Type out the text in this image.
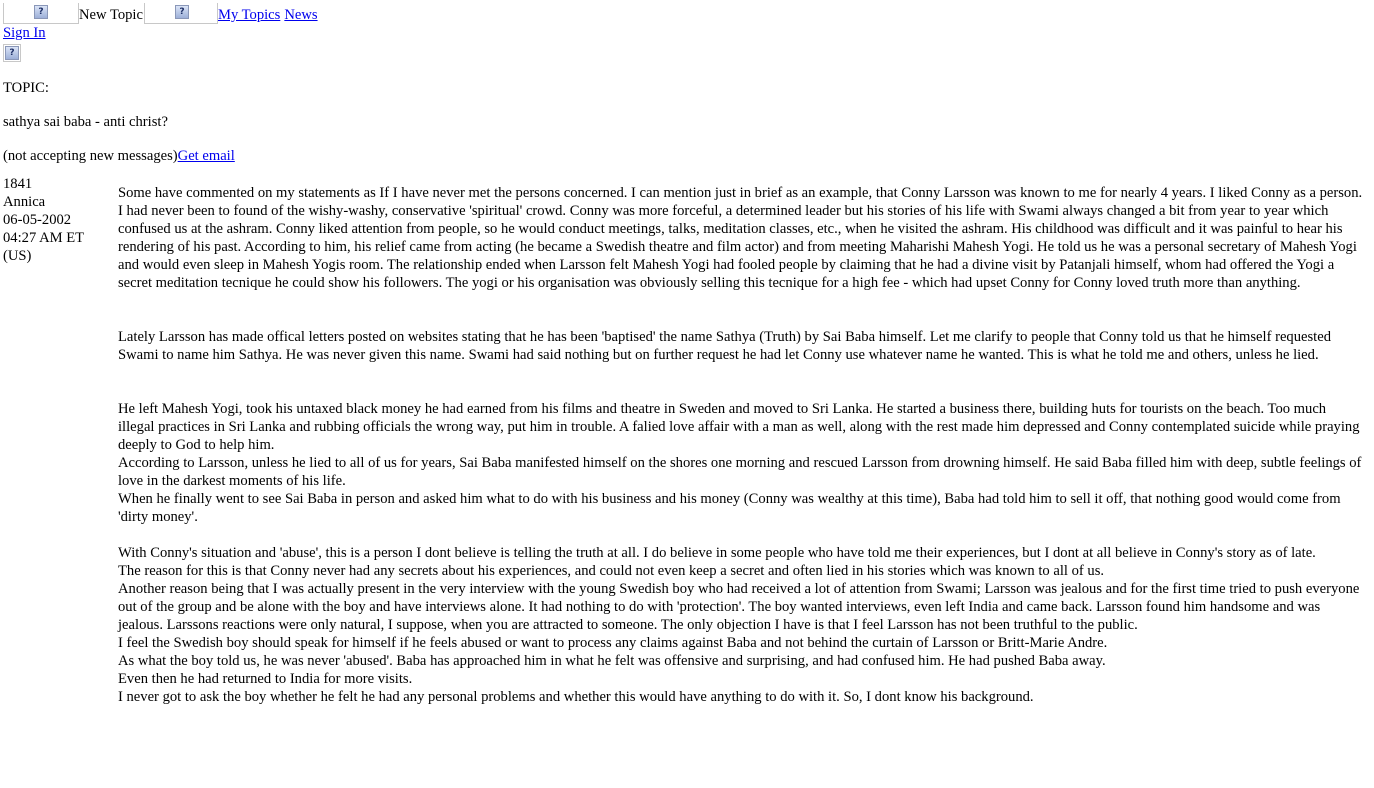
?	New Topic	?	My Topics News
Sign In
?
TOPIC:
sathya sai baba - anti christ?
(not accepting new messages)Get email
1841
Annica
06-05-2002
04:27 AM ET
(US)

Some have commented on my statements as If I have never met the persons concerned. I can mention just in brief as an example, that Conny Larsson was known to me for nearly 4 years. I liked Conny as a person. I had never been to found of the wishy-washy, conservative 'spiritual' crowd. Conny was more forceful, a determined leader but his stories of his life with Swami always changed a bit from year to year which confused us at the ashram. Conny liked attention from people, so he would conduct meetings, talks, meditation classes, etc., when he visited the ashram. His childhood was difficult and it was painful to hear his rendering of his past. According to him, his relief came from acting (he became a Swedish theatre and film actor) and from meeting Maharishi Mahesh Yogi. He told us he was a personal secretary of Mahesh Yogi and would even sleep in Mahesh Yogis room. The relationship ended when Larsson felt Mahesh Yogi had fooled people by claiming that he had a divine visit by Patanjali himself, whom had offered the Yogi a secret meditation tecnique he could show his followers. The yogi or his organisation was obviously selling this tecnique for a high fee - which had upset Conny for Conny loved truth more than anything.

Lately Larsson has made offical letters posted on websites stating that he has been 'baptised' the name Sathya (Truth) by Sai Baba himself. Let me clarify to people that Conny told us that he himself requested Swami to name him Sathya. He was never given this name. Swami had said nothing but on further request he had let Conny use whatever name he wanted. This is what he told me and others, unless he lied.

He left Mahesh Yogi, took his untaxed black money he had earned from his films and theatre in Sweden and moved to Sri Lanka. He started a business there, building huts for tourists on the beach. Too much illegal practices in Sri Lanka and rubbing officials the wrong way, put him in trouble. A falied love affair with a man as well, along with the rest made him depressed and Conny contemplated suicide while praying deeply to God to help him.

According to Larsson, unless he lied to all of us for years, Sai Baba manifested himself on the shores one morning and rescued Larsson from drowning himself. He said Baba filled him with deep, subtle feelings of love in the darkest moments of his life.

When he finally went to see Sai Baba in person and asked him what to do with his business and his money (Conny was wealthy at this time), Baba had told him to sell it off, that nothing good would come from 'dirty money'.

With Conny's situation and 'abuse', this is a person I dont believe is telling the truth at all. I do believe in some people who have told me their experiences, but I dont at all believe in Conny's story as of late.

The reason for this is that Conny never had any secrets about his experiences, and could not even keep a secret and often lied in his stories which was known to all of us.

Another reason being that I was actually present in the very interview with the young Swedish boy who had received a lot of attention from Swami; Larsson was jealous and for the first time tried to push everyone out of the group and be alone with the boy and have interviews alone. It had nothing to do with 'protection'. The boy wanted interviews, even left India and came back. Larsson found him handsome and was jealous. Larssons reactions were only natural, I suppose, when you are attracted to someone. The only objection I have is that I feel Larsson has not been truthful to the public.

I feel the Swedish boy should speak for himself if he feels abused or want to process any claims against Baba and not behind the curtain of Larsson or Britt-Marie Andre.

As what the boy told us, he was never 'abused'. Baba has approached him in what he felt was offensive and surprising, and had confused him. He had pushed Baba away.

Even then he had returned to India for more visits.

I never got to ask the boy whether he felt he had any personal problems and whether this would have anything to do with it. So, I dont know his background.
